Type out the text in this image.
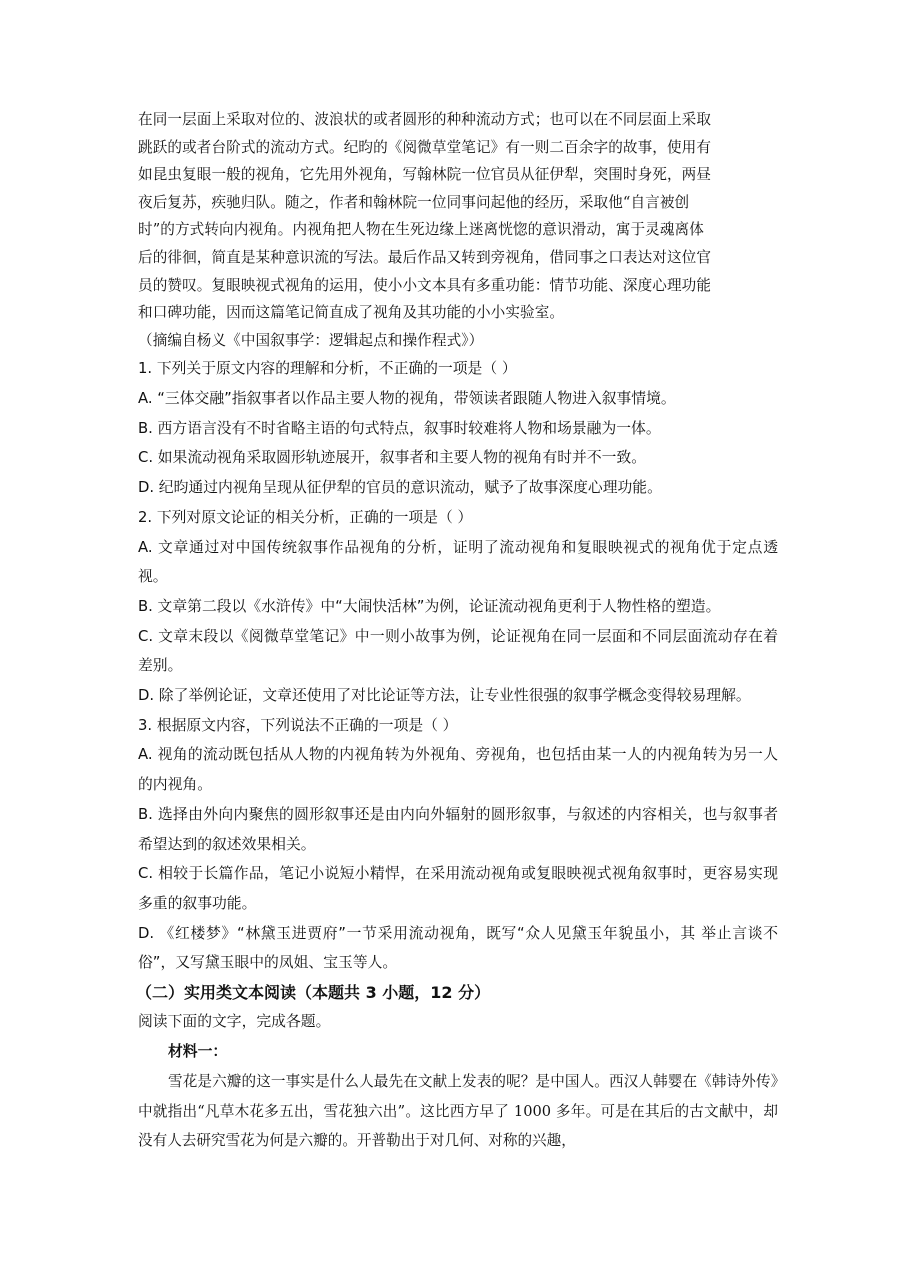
在同一层面上采取对位的、波浪状的或者圆形的种种流动方式；也可以在不同层面上采取

跳跃的或者台阶式的流动方式。纪昀的《阅微草堂笔记》有一则二百余字的故事，使用有

如昆虫复眼一般的视角，它先用外视角，写翰林院一位官员从征伊犁，突围时身死，两昼

夜后复苏，疾驰归队。随之，作者和翰林院一位同事问起他的经历，采取他“自言被创

时”的方式转向内视角。内视角把人物在生死边缘上迷离恍惚的意识滑动，寓于灵魂离体

后的徘徊，简直是某种意识流的写法。最后作品又转到旁视角，借同事之口表达对这位官

员的赞叹。复眼映视式视角的运用，使小小文本具有多重功能：情节功能、深度心理功能

和口碑功能，因而这篇笔记简直成了视角及其功能的小小实验室。

（摘编自杨义《中国叙事学：逻辑起点和操作程式》）

1. 下列关于原文内容的理解和分析，不正确的一项是（ ）

A. “三体交融”指叙事者以作品主要人物的视角，带领读者跟随人物进入叙事情境。

B. 西方语言没有不时省略主语的句式特点，叙事时较难将人物和场景融为一体。

C. 如果流动视角采取圆形轨迹展开，叙事者和主要人物的视角有时并不一致。

D. 纪昀通过内视角呈现从征伊犁的官员的意识流动，赋予了故事深度心理功能。

2. 下列对原文论证的相关分析，正确的一项是（ ）

A. 文章通过对中国传统叙事作品视角的分析，证明了流动视角和复眼映视式的视角优于定点透视。

B. 文章第二段以《水浒传》中“大闹快活林”为例，论证流动视角更利于人物性格的塑造。

C. 文章末段以《阅微草堂笔记》中一则小故事为例，论证视角在同一层面和不同层面流动存在着差别。

D. 除了举例论证，文章还使用了对比论证等方法，让专业性很强的叙事学概念变得较易理解。

3. 根据原文内容，下列说法不正确的一项是（ ）

A. 视角的流动既包括从人物的内视角转为外视角、旁视角，也包括由某一人的内视角转为另一人的内视角。

B. 选择由外向内聚焦的圆形叙事还是由内向外辐射的圆形叙事，与叙述的内容相关，也与叙事者希望达到的叙述效果相关。

C. 相较于长篇作品，笔记小说短小精悍，在采用流动视角或复眼映视式视角叙事时，更容易实现多重的叙事功能。

D. 《红楼梦》“林黛玉进贾府”一节采用流动视角，既写“众人见黛玉年貌虽小，其 举止言谈不俗”，又写黛玉眼中的凤姐、宝玉等人。

（二）实用类文本阅读（本题共 3 小题，12 分）

阅读下面的文字，完成各题。

材料一：

雪花是六瓣的这一事实是什么人最先在文献上发表的呢？是中国人。西汉人韩婴在《韩诗外传》中就指出“凡草木花多五出，雪花独六出”。这比西方早了 1000 多年。可是在其后的古文献中，却没有人去研究雪花为何是六瓣的。开普勒出于对几何、对称的兴趣，
